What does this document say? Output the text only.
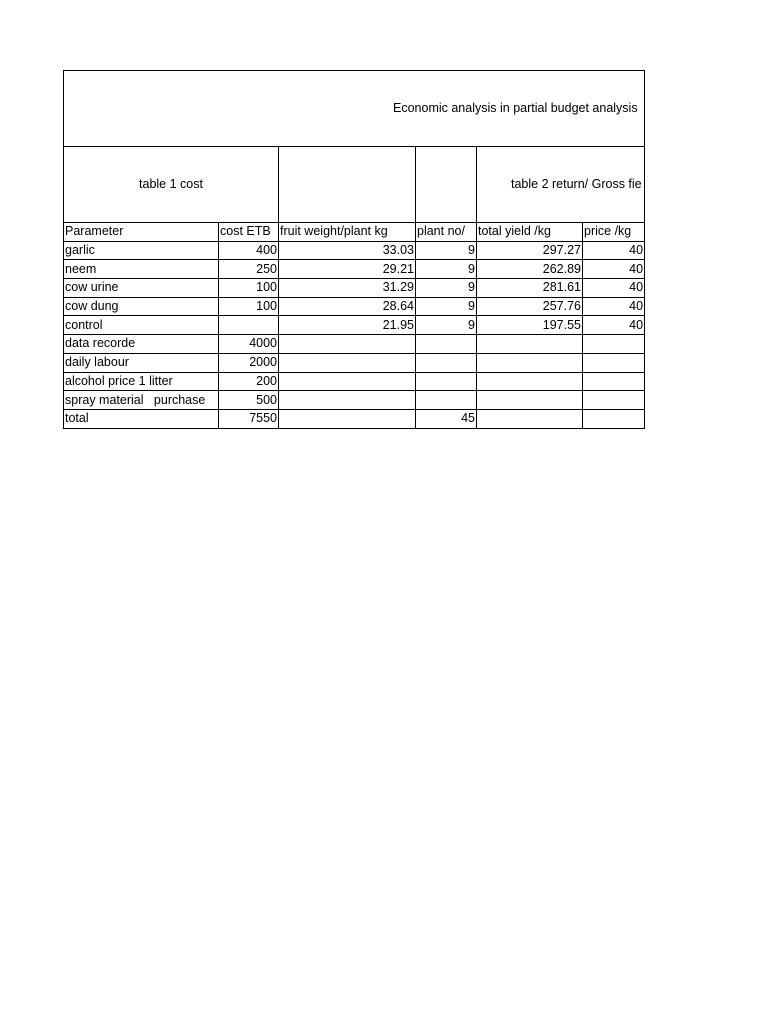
Economic analysis in partial budget analysis					

table 1 cost				table 2 return/ Gross fie	

Parameter	cost ETB	fruit weight/plant kg	plant no/	total yield /kg	price /kg
garlic	400	33.03	9	297.27	40
neem	250	29.21	9	262.89	40
cow urine	100	31.29	9	281.61	40
cow dung	100	28.64	9	257.76	40
control		21.95	9	197.55	40
data recorde	4000				
daily labour	2000				
alcohol price 1 litter	200				
spray material   purchase	500				
total	7550		45		
